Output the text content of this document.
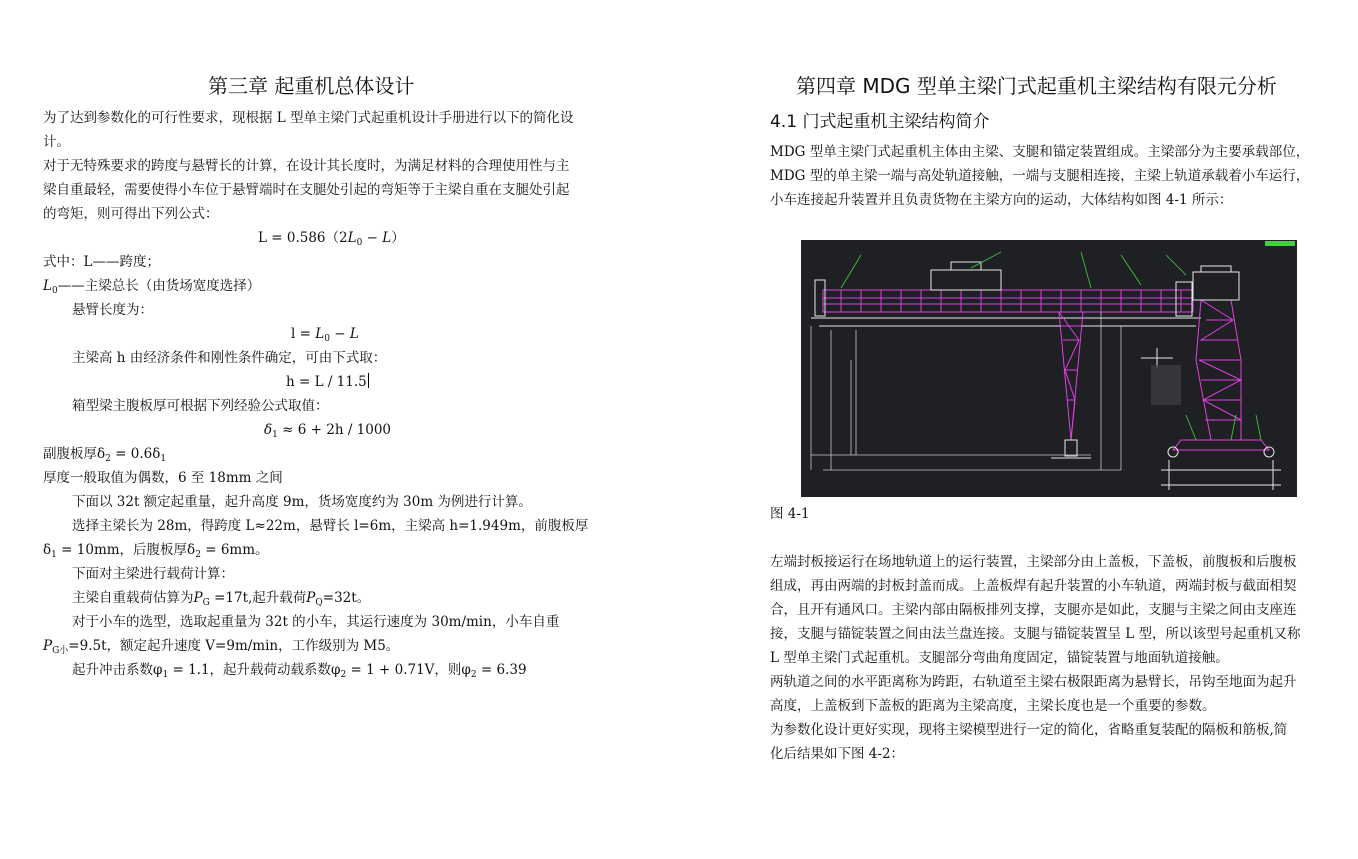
第三章 起重机总体设计
为了达到参数化的可行性要求，现根据 L 型单主梁门式起重机设计手册进行以下的简化设
计。
对于无特殊要求的跨度与悬臂长的计算，在设计其长度时，为满足材料的合理使用性与主
梁自重最轻，需要使得小车位于悬臂端时在支腿处引起的弯矩等于主梁自重在支腿处引起
的弯矩，则可得出下列公式：
$L = 0.586(2L_0 - L)$
式中：L——跨度；
$L_0——$主梁总长（由货场宽度选择）
悬臂长度为：
$l = L_0 - L$
主梁高 h 由经济条件和刚性条件确定，可由下式取：
h = L / 11.5
箱型梁主腹板厚可根据下列经验公式取值：
$\delta_1 \approx 6 + 2h / 1000$
副腹板厚$\delta_2 = 0.6\delta_1$
厚度一般取值为偶数，6 至 18mm 之间
下面以 32t 额定起重量，起升高度 9m，货场宽度约为 30m 为例进行计算。
选择主梁长为 28m，得跨度 L≈22m，悬臂长 l=6m，主梁高 h=1.949m，前腹板厚
$\delta_1 = 10mm$，后腹板厚$\delta_2 = 6mm$。
下面对主梁进行载荷计算：
主梁自重载荷估算为$P_G =17t$,起升载荷$P_Q=32t$。
对于小车的选型，选取起重量为 32t 的小车，其运行速度为 30m/min，小车自重
$P_{G小}=9.5t$，额定起升速度 V=9m/min，工作级别为 M5。
起升冲击系数$\varphi_1 = 1.1$，起升载荷动载系数$\varphi_2 = 1 + 0.71V$，则$\varphi_2 = 6.39$
第四章 MDG 型单主梁门式起重机主梁结构有限元分析
4.1 门式起重机主梁结构简介
MDG 型单主梁门式起重机主体由主梁、支腿和锚定装置组成。主梁部分为主要承载部位，
MDG 型的单主梁一端与高处轨道接触，一端与支腿相连接，主梁上轨道承载着小车运行，
小车连接起升装置并且负责货物在主梁方向的运动，大体结构如图 4-1 所示：
图 4-1
左端封板接运行在场地轨道上的运行装置，主梁部分由上盖板，下盖板，前腹板和后腹板
组成，再由两端的封板封盖而成。上盖板焊有起升装置的小车轨道，两端封板与截面相契
合，且开有通风口。主梁内部由隔板排列支撑，支腿亦是如此，支腿与主梁之间由支座连
接，支腿与锚锭装置之间由法兰盘连接。支腿与锚锭装置呈 L 型，所以该型号起重机又称
L 型单主梁门式起重机。支腿部分弯曲角度固定，锚锭装置与地面轨道接触。
两轨道之间的水平距离称为跨距，右轨道至主梁右极限距离为悬臂长，吊钩至地面为起升
高度，上盖板到下盖板的距离为主梁高度，主梁长度也是一个重要的参数。
为参数化设计更好实现，现将主梁模型进行一定的简化，省略重复装配的隔板和筋板,简
化后结果如下图 4-2：
